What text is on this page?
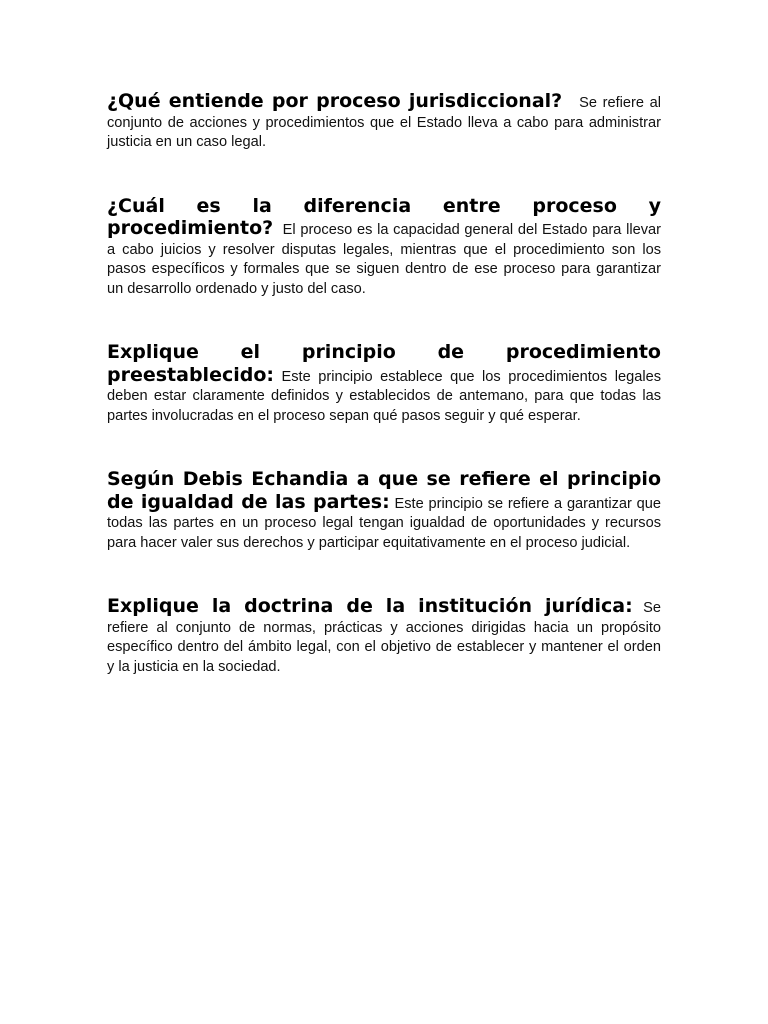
¿Qué entiende por proceso jurisdiccional? Se refiere al conjunto de acciones y procedimientos que el Estado lleva a cabo para administrar justicia en un caso legal.

¿Cuál es la diferencia entre proceso y procedimiento? El proceso es la capacidad general del Estado para llevar a cabo juicios y resolver disputas legales, mientras que el procedimiento son los pasos específicos y formales que se siguen dentro de ese proceso para garantizar un desarrollo ordenado y justo del caso.

Explique el principio de procedimiento preestablecido: Este principio establece que los procedimientos legales deben estar claramente definidos y establecidos de antemano, para que todas las partes involucradas en el proceso sepan qué pasos seguir y qué esperar.

Según Debis Echandia a que se refiere el principio de igualdad de las partes: Este principio se refiere a garantizar que todas las partes en un proceso legal tengan igualdad de oportunidades y recursos para hacer valer sus derechos y participar equitativamente en el proceso judicial.

Explique la doctrina de la institución jurídica: Se refiere al conjunto de normas, prácticas y acciones dirigidas hacia un propósito específico dentro del ámbito legal, con el objetivo de establecer y mantener el orden y la justicia en la sociedad.
